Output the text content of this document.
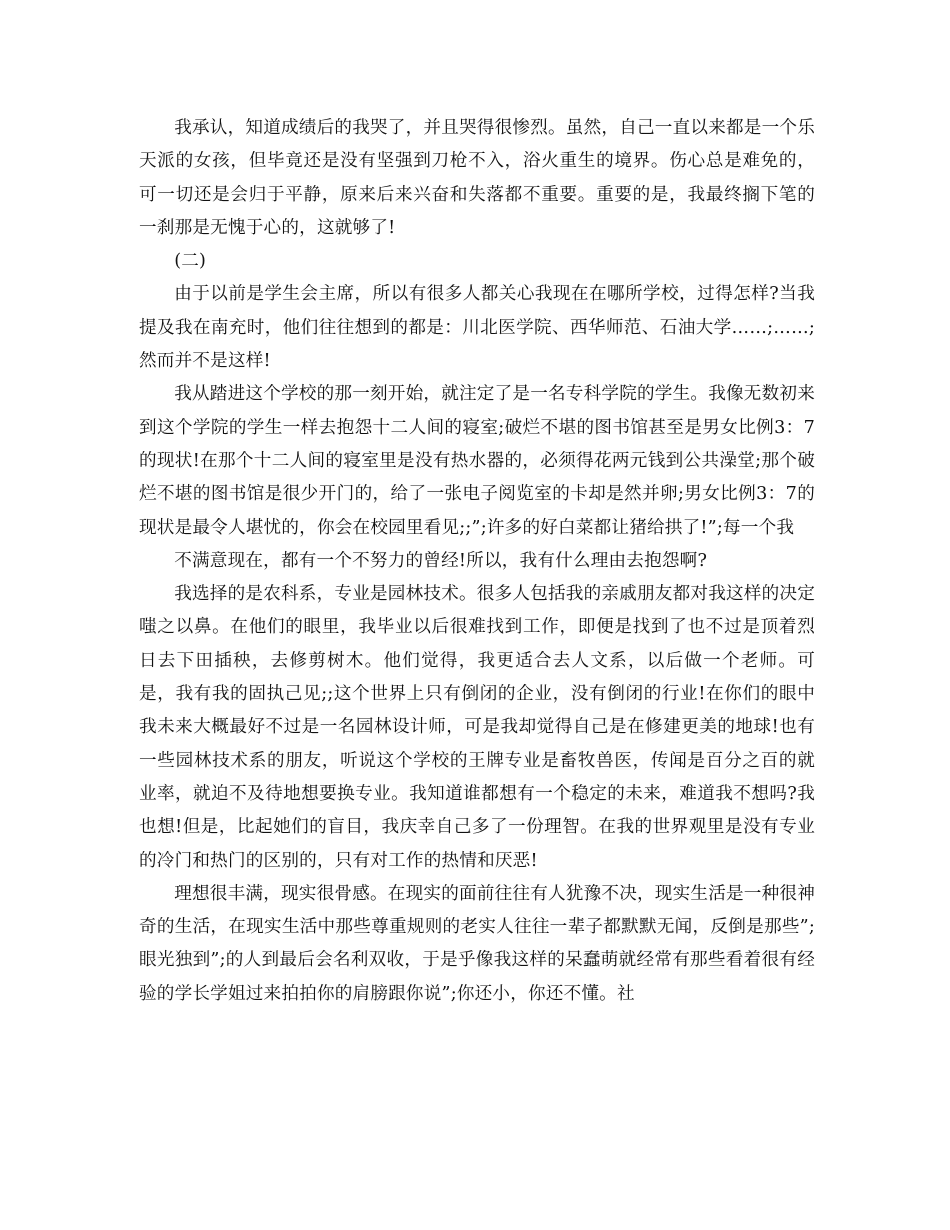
我承认，知道成绩后的我哭了，并且哭得很惨烈。虽然，自己一直以来都是一个乐天派的女孩，但毕竟还是没有坚强到刀枪不入，浴火重生的境界。伤心总是难免的，可一切还是会归于平静，原来后来兴奋和失落都不重要。重要的是，我最终搁下笔的一刹那是无愧于心的，这就够了!

(二)

由于以前是学生会主席，所以有很多人都关心我现在在哪所学校，过得怎样?当我提及我在南充时，他们往往想到的都是：川北医学院、西华师范、石油大学……;……;然而并不是这样!

我从踏进这个学校的那一刻开始，就注定了是一名专科学院的学生。我像无数初来到这个学院的学生一样去抱怨十二人间的寝室;破烂不堪的图书馆甚至是男女比例3：7的现状!在那个十二人间的寝室里是没有热水器的，必须得花两元钱到公共澡堂;那个破烂不堪的图书馆是很少开门的，给了一张电子阅览室的卡却是然并卵;男女比例3：7的现状是最令人堪忧的，你会在校园里看见;;”;许多的好白菜都让猪给拱了!”;每一个我

不满意现在，都有一个不努力的曾经!所以，我有什么理由去抱怨啊?

我选择的是农科系，专业是园林技术。很多人包括我的亲戚朋友都对我这样的决定嗤之以鼻。在他们的眼里，我毕业以后很难找到工作，即便是找到了也不过是顶着烈日去下田插秧，去修剪树木。他们觉得，我更适合去人文系，以后做一个老师。可是，我有我的固执己见;;这个世界上只有倒闭的企业，没有倒闭的行业!在你们的眼中我未来大概最好不过是一名园林设计师，可是我却觉得自己是在修建更美的地球!也有一些园林技术系的朋友，听说这个学校的王牌专业是畜牧兽医，传闻是百分之百的就业率，就迫不及待地想要换专业。我知道谁都想有一个稳定的未来，难道我不想吗?我也想!但是，比起她们的盲目，我庆幸自己多了一份理智。在我的世界观里是没有专业的冷门和热门的区别的，只有对工作的热情和厌恶!

理想很丰满，现实很骨感。在现实的面前往往有人犹豫不决，现实生活是一种很神奇的生活，在现实生活中那些尊重规则的老实人往往一辈子都默默无闻，反倒是那些”;眼光独到”;的人到最后会名利双收，于是乎像我这样的呆蠢萌就经常有那些看着很有经验的学长学姐过来拍拍你的肩膀跟你说”;你还小，你还不懂。社
